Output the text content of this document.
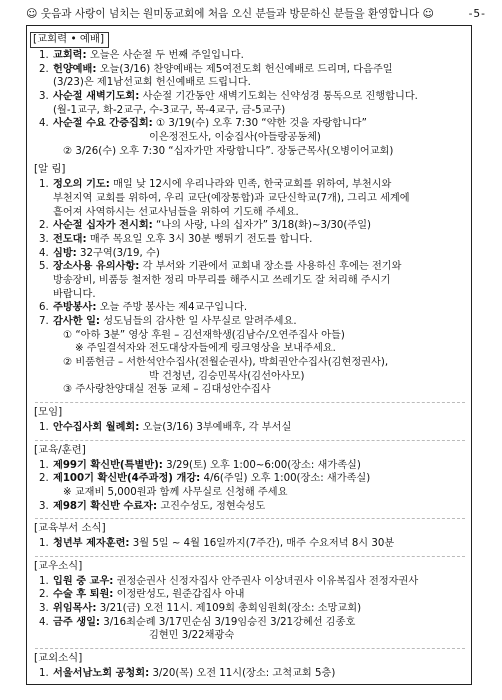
☺ 웃음과 사랑이 넘치는 원미동교회에 처음 오신 분들과 방문하신 분들을 환영합니다 ☺	-5-
[교회력 • 예배]
1. 교회력: 오늘은 사순절 두 번째 주일입니다.
2. 헌양예배: 오늘(3/16) 찬양예배는 제5여전도회 헌신예배로 드리며, 다음주일
(3/23)은 제1남선교회 헌신예배로 드립니다.
3. 사순절 새벽기도회: 사순절 기간동안 새벽기도회는 신약성경 통독으로 진행합니다.
(월-1교구, 화-2교구, 수-3교구, 목-4교구, 금-5교구)
4. 사순절 수요 간증집회: ① 3/19(수) 오후 7:30 “약한 것을 자랑합니다”
이은정전도사, 이숭집사(아들랑공동체)
② 3/26(수) 오후 7:30 “십자가만 자랑합니다”. 장동근목사(오병이어교회)
[알 림]
1. 정오의 기도: 매일 낮 12시에 우리나라와 민족, 한국교회를 위하여, 부천시와
부천지역 교회를 위하여, 우리 교단(예장통합)과 교단신학교(7개), 그리고 세계에
흩어져 사역하시는 선교사님들을 위하여 기도해 주세요.
2. 사순절 십자가 전시회: “나의 사랑, 나의 십자가” 3/18(화)~3/30(주일)
3. 전도대: 매주 목요일 오후 3시 30분 뻥튀기 전도를 합니다.
4. 심방: 32구역(3/19, 수)
5. 장소사용 유의사항: 각 부서와 기관에서 교회내 장소를 사용하신 후에는 전기와
방송장비, 비품등 철저한 정리 마무리를 해주시고 쓰레기도 잘 처리해 주시기
바랍니다.
6. 주방봉사: 오늘 주방 봉사는 제4교구입니다.
7. 감사한 일: 성도님들의 감사한 일 사무실로 알려주세요.
① “아하 3분” 영상 후원 – 김선재학생(김남수/오연주집사 아들)
※ 주일결석자와 전도대상자들에게 링크영상을 보내주세요.
② 비품헌금 – 서한석안수집사(전월순권사), 박희권안수집사(김현정권사),
박 건청년, 김승민목사(김선아사모)
③ 주사랑찬양대실 전동 교체 – 김대성안수집사
[모임]
1. 안수집사회 월례회: 오늘(3/16) 3부예배후, 각 부서실
[교육/훈련]
1. 제99기 확신반(특별반): 3/29(토) 오후 1:00~6:00(장소: 새가족실)
2. 제100기 확신반(4주과정) 개강: 4/6(주일) 오후 1:00(장소: 새가족실)
※ 교재비 5,000원과 함께 사무실로 신청해 주세요
3. 제98기 확신반 수료자: 고진수성도, 정현숙성도
[교육부서 소식]
1. 청년부 제자훈련: 3월 5일 ~ 4월 16일까지(7주간), 매주 수요저녁 8시 30분
[교우소식]
1. 입원 중 교우: 권정순권사 신정자집사 안주권사 이상녀권사 이유복집사 전정자권사
2. 수술 후 퇴원: 이정란성도, 원준갑집사 아내
3. 위임목사: 3/21(금) 오전 11시. 제109회 총회임원회(장소: 소망교회)
4. 금주 생일: 3/16최순례 3/17민순심 3/19임승진 3/21강혜선 김종호
김현민 3/22채광숙
[교외소식]
1. 서울서남노회 공청회: 3/20(목) 오전 11시(장소: 고척교회 5층)
